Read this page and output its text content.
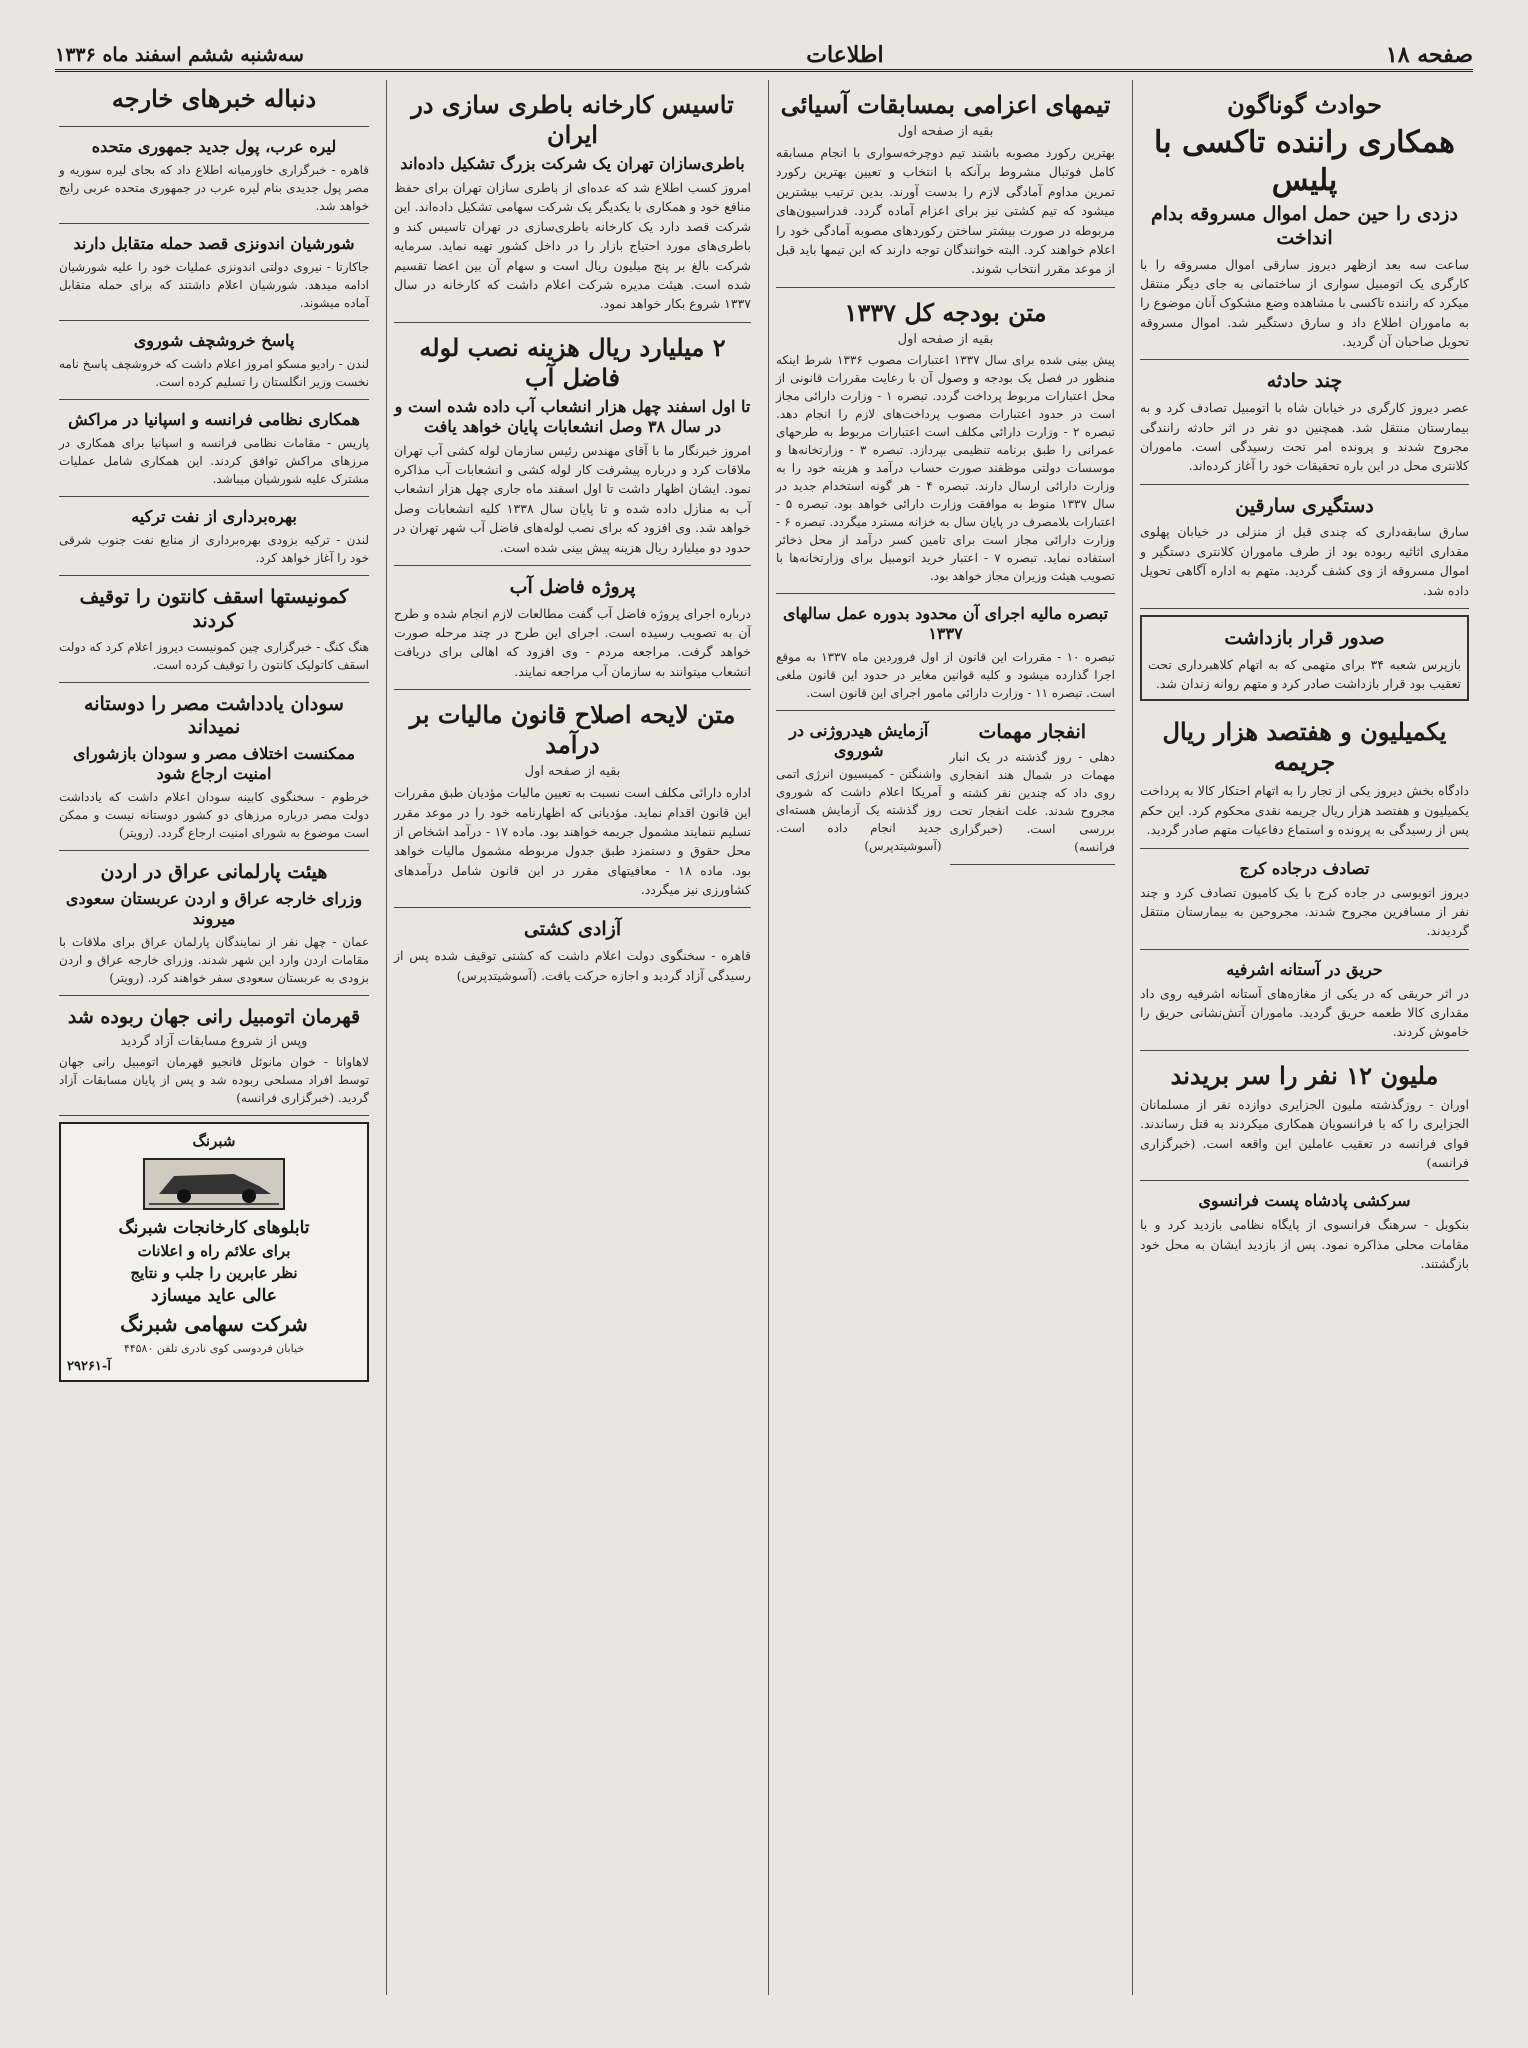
صفحه ۱۸
اطلاعات
سه‌شنبه ششم اسفند ماه ۱۳۳۶
حوادث گوناگون
همکاری راننده تاکسی با پلیس
دزدی را حین حمل اموال مسروقه بدام انداخت
ساعت سه بعد ازظهر دیروز سارقی اموال مسروقه را با کارگری یک اتومبیل سواری از ساختمانی به جای دیگر منتقل میکرد که راننده تاکسی با مشاهده وضع مشکوک آنان موضوع را به ماموران اطلاع داد و سارق دستگیر شد. اموال مسروقه تحویل صاحبان آن گردید.
چند حادثه
عصر دیروز کارگری در خیابان شاه با اتومبیل تصادف کرد و به بیمارستان منتقل شد. همچنین دو نفر در اثر حادثه رانندگی مجروح شدند و پرونده امر تحت رسیدگی است. ماموران کلانتری محل در این باره تحقیقات خود را آغاز کرده‌اند.
دستگیری سارقین
سارق سابقه‌داری که چندی قبل از منزلی در خیابان پهلوی مقداری اثاثیه ربوده بود از طرف ماموران کلانتری دستگیر و اموال مسروقه از وی کشف گردید. متهم به اداره آگاهی تحویل داده شد.
صدور قرار بازداشت
بازپرس شعبه ۳۴ برای متهمی که به اتهام کلاهبرداری تحت تعقیب بود قرار بازداشت صادر کرد و متهم روانه زندان شد.
یکمیلیون و هفتصد هزار ریال جریمه
دادگاه بخش دیروز یکی از تجار را به اتهام احتکار کالا به پرداخت یکمیلیون و هفتصد هزار ریال جریمه نقدی محکوم کرد. این حکم پس از رسیدگی به پرونده و استماع دفاعیات متهم صادر گردید.
تصادف درجاده کرج
دیروز اتوبوسی در جاده کرج با یک کامیون تصادف کرد و چند نفر از مسافرین مجروح شدند. مجروحین به بیمارستان منتقل گردیدند.
حریق در آستانه اشرفیه
در اثر حریقی که در یکی از مغازه‌های آستانه اشرفیه روی داد مقداری کالا طعمه حریق گردید. ماموران آتش‌نشانی حریق را خاموش کردند.
ملیون ۱۲ نفر را سر بریدند
اوران - روزگذشته ملیون الجزایری دوازده نفر از مسلمانان الجزایری را که با فرانسویان همکاری میکردند به قتل رساندند. قوای فرانسه در تعقیب عاملین این واقعه است. (خبرگزاری فرانسه)
سرکشی پادشاه پست فرانسوی
بنکوبل - سرهنگ فرانسوی از پایگاه نظامی بازدید کرد و با مقامات محلی مذاکره نمود. پس از بازدید ایشان به محل خود بازگشتند.
تیمهای اعزامی بمسابقات آسیائی
بقیه از صفحه اول
بهترین رکورد مصوبه باشند تیم دوچرخه‌سواری با انجام مسابقه کامل فوتبال مشروط برآنکه با انتخاب و تعیین بهترین رکورد تمرین مداوم آمادگی لازم را بدست آورند. بدین ترتیب بیشترین میشود که تیم کشتی نیز برای اعزام آماده گردد. فدراسیون‌های مربوطه در صورت بیشتر ساختن رکوردهای مصوبه آمادگی خود را اعلام خواهند کرد. البته خوانندگان توجه دارند که این تیمها باید قبل از موعد مقرر انتخاب شوند.
متن بودجه کل ۱۳۳۷
بقیه از صفحه اول
پیش بینی شده برای سال ۱۳۳۷ اعتبارات مصوب ۱۳۳۶ شرط اینکه منظور در فصل یک بودجه و وصول آن با رعایت مقررات قانونی از محل اعتبارات مربوط پرداخت گردد. تبصره ۱ - وزارت دارائی مجاز است در حدود اعتبارات مصوب پرداخت‌های لازم را انجام دهد. تبصره ۲ - وزارت دارائی مکلف است اعتبارات مربوط به طرحهای عمرانی را طبق برنامه تنظیمی بپردازد. تبصره ۳ - وزارتخانه‌ها و موسسات دولتی موظفند صورت حساب درآمد و هزینه خود را به وزارت دارائی ارسال دارند. تبصره ۴ - هر گونه استخدام جدید در سال ۱۳۳۷ منوط به موافقت وزارت دارائی خواهد بود. تبصره ۵ - اعتبارات بلامصرف در پایان سال به خزانه مسترد میگردد. تبصره ۶ - وزارت دارائی مجاز است برای تامین کسر درآمد از محل ذخائر استفاده نماید. تبصره ۷ - اعتبار خرید اتومبیل برای وزارتخانه‌ها با تصویب هیئت وزیران مجاز خواهد بود.
تبصره مالیه اجرای آن محدود بدوره عمل سالهای ۱۳۳۷
تبصره ۱۰ - مقررات این قانون از اول فروردین ماه ۱۳۳۷ به موقع اجرا گذارده میشود و کلیه قوانین مغایر در حدود این قانون ملغی است. تبصره ۱۱ - وزارت دارائی مامور اجرای این قانون است.
انفجار مهمات
دهلی - روز گذشته در یک انبار مهمات در شمال هند انفجاری روی داد که چندین نفر کشته و مجروح شدند. علت انفجار تحت بررسی است. (خبرگزاری فرانسه)
آزمایش هیدروژنی در شوروی
واشنگتن - کمیسیون انرژی اتمی آمریکا اعلام داشت که شوروی روز گذشته یک آزمایش هسته‌ای جدید انجام داده است. (آسوشیتدپرس)
تاسیس کارخانه باطری سازی در ایران
باطری‌سازان تهران یک شرکت بزرگ تشکیل داده‌اند
امروز کسب اطلاع شد که عده‌ای از باطری سازان تهران برای حفظ منافع خود و همکاری با یکدیگر یک شرکت سهامی تشکیل داده‌اند. این شرکت قصد دارد یک کارخانه باطری‌سازی در تهران تاسیس کند و باطری‌های مورد احتیاج بازار را در داخل کشور تهیه نماید. سرمایه شرکت بالغ بر پنج میلیون ریال است و سهام آن بین اعضا تقسیم شده است. هیئت مدیره شرکت اعلام داشت که کارخانه در سال ۱۳۳۷ شروع بکار خواهد نمود.
۲ میلیارد ریال هزینه نصب لوله فاضل آب
تا اول اسفند چهل هزار انشعاب آب داده شده است و در سال ۳۸ وصل انشعابات پایان خواهد یافت
امروز خبرنگار ما با آقای مهندس رئیس سازمان لوله کشی آب تهران ملاقات کرد و درباره پیشرفت کار لوله کشی و انشعابات آب مذاکره نمود. ایشان اظهار داشت تا اول اسفند ماه جاری چهل هزار انشعاب آب به منازل داده شده و تا پایان سال ۱۳۳۸ کلیه انشعابات وصل خواهد شد. وی افزود که برای نصب لوله‌های فاضل آب شهر تهران در حدود دو میلیارد ریال هزینه پیش بینی شده است.
پروژه فاضل آب
درباره اجرای پروژه فاضل آب گفت مطالعات لازم انجام شده و طرح آن به تصویب رسیده است. اجرای این طرح در چند مرحله صورت خواهد گرفت. مراجعه مردم - وی افزود که اهالی برای دریافت انشعاب میتوانند به سازمان آب مراجعه نمایند.
متن لایحه اصلاح قانون مالیات بر درآمد
بقیه از صفحه اول
اداره دارائی مکلف است نسبت به تعیین مالیات مؤدیان طبق مقررات این قانون اقدام نماید. مؤدیانی که اظهارنامه خود را در موعد مقرر تسلیم ننمایند مشمول جریمه خواهند بود. ماده ۱۷ - درآمد اشخاص از محل حقوق و دستمزد طبق جدول مربوطه مشمول مالیات خواهد بود. ماده ۱۸ - معافیتهای مقرر در این قانون شامل درآمدهای کشاورزی نیز میگردد.
آزادی کشتی
قاهره - سخنگوی دولت اعلام داشت که کشتی توقیف شده پس از رسیدگی آزاد گردید و اجازه حرکت یافت. (آسوشیتدپرس)
دنباله خبرهای خارجه
لیره عرب، پول جدید جمهوری متحده
قاهره - خبرگزاری خاورمیانه اطلاع داد که بجای لیره سوریه و مصر پول جدیدی بنام لیره عرب در جمهوری متحده عربی رایج خواهد شد.
شورشیان اندونزی قصد حمله متقابل دارند
جاکارتا - نیروی دولتی اندونزی عملیات خود را علیه شورشیان ادامه میدهد. شورشیان اعلام داشتند که برای حمله متقابل آماده میشوند.
پاسخ خروشچف شوروی
لندن - رادیو مسکو امروز اعلام داشت که خروشچف پاسخ نامه نخست وزیر انگلستان را تسلیم کرده است.
همکاری نظامی فرانسه و اسپانیا در مراکش
پاریس - مقامات نظامی فرانسه و اسپانیا برای همکاری در مرزهای مراکش توافق کردند. این همکاری شامل عملیات مشترک علیه شورشیان میباشد.
بهره‌برداری از نفت ترکیه
لندن - ترکیه بزودی بهره‌برداری از منابع نفت جنوب شرقی خود را آغاز خواهد کرد.
کمونیستها اسقف کانتون را توقیف کردند
هنگ کنگ - خبرگزاری چین کمونیست دیروز اعلام کرد که دولت اسقف کاتولیک کانتون را توقیف کرده است.
سودان یادداشت مصر را دوستانه نمیداند
ممکنست اختلاف مصر و سودان بازشورای امنیت ارجاع شود
خرطوم - سخنگوی کابینه سودان اعلام داشت که یادداشت دولت مصر درباره مرزهای دو کشور دوستانه نیست و ممکن است موضوع به شورای امنیت ارجاع گردد. (رویتر)
هیئت پارلمانی عراق در اردن
وزرای خارجه عراق و اردن عربستان سعودی میروند
عمان - چهل نفر از نمایندگان پارلمان عراق برای ملاقات با مقامات اردن وارد این شهر شدند. وزرای خارجه عراق و اردن بزودی به عربستان سعودی سفر خواهند کرد. (رویتر)
قهرمان اتومبیل رانی جهان ربوده شد
وپس از شروع مسابقات آزاد گردید
لاهاوانا - خوان مانوئل فانجیو قهرمان اتومبیل رانی جهان توسط افراد مسلحی ربوده شد و پس از پایان مسابقات آزاد گردید. (خبرگزاری فرانسه)
شبرنگ
تابلوهای کارخانجات شبرنگ
برای علائم راه و اعلانات
نظر عابرین را جلب و نتایج
عالی عاید میسازد
شرکت سهامی شبرنگ
خیابان فردوسی کوی نادری تلفن ۴۴۵۸۰
آ-۲۹۲۶۱
